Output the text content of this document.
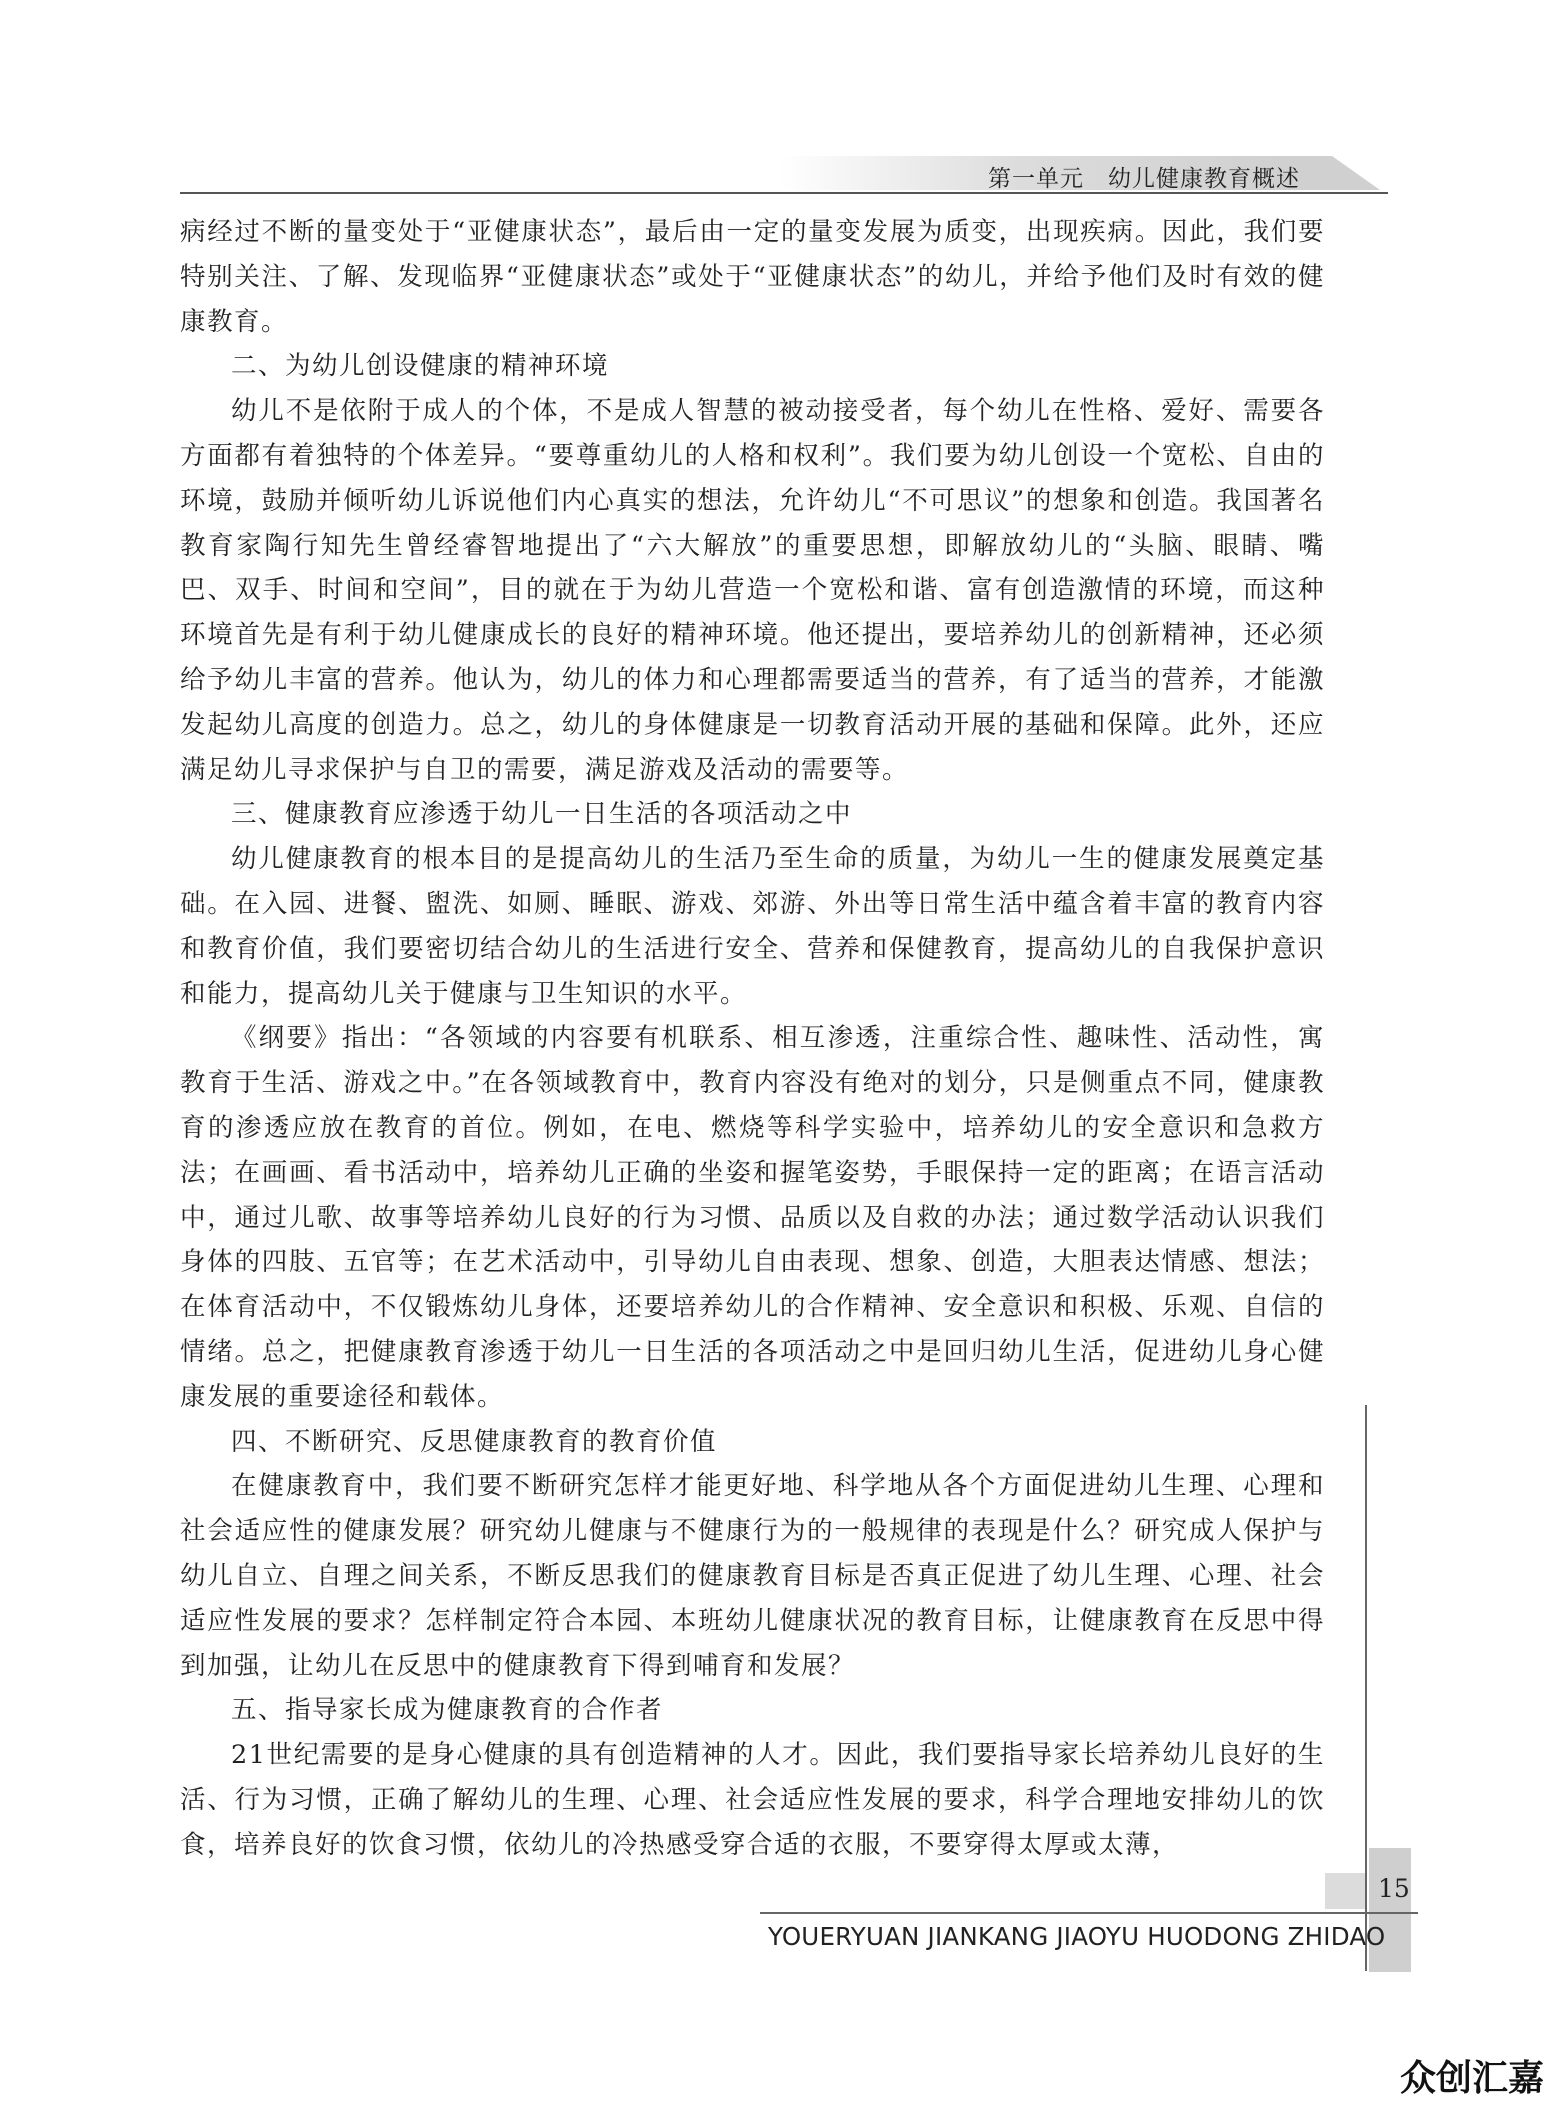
第一单元　幼儿健康教育概述

病经过不断的量变处于“亚健康状态”，最后由一定的量变发展为质变，出现疾病。因此，我们要特别关注、了解、发现临界“亚健康状态”或处于“亚健康状态”的幼儿，并给予他们及时有效的健康教育。

二、为幼儿创设健康的精神环境

幼儿不是依附于成人的个体，不是成人智慧的被动接受者，每个幼儿在性格、爱好、需要各方面都有着独特的个体差异。“要尊重幼儿的人格和权利”。我们要为幼儿创设一个宽松、自由的环境，鼓励并倾听幼儿诉说他们内心真实的想法，允许幼儿“不可思议”的想象和创造。我国著名教育家陶行知先生曾经睿智地提出了“六大解放”的重要思想，即解放幼儿的“头脑、眼睛、嘴巴、双手、时间和空间”，目的就在于为幼儿营造一个宽松和谐、富有创造激情的环境，而这种环境首先是有利于幼儿健康成长的良好的精神环境。他还提出，要培养幼儿的创新精神，还必须给予幼儿丰富的营养。他认为，幼儿的体力和心理都需要适当的营养，有了适当的营养，才能激发起幼儿高度的创造力。总之，幼儿的身体健康是一切教育活动开展的基础和保障。此外，还应满足幼儿寻求保护与自卫的需要，满足游戏及活动的需要等。

三、健康教育应渗透于幼儿一日生活的各项活动之中

幼儿健康教育的根本目的是提高幼儿的生活乃至生命的质量，为幼儿一生的健康发展奠定基础。在入园、进餐、盥洗、如厕、睡眠、游戏、郊游、外出等日常生活中蕴含着丰富的教育内容和教育价值，我们要密切结合幼儿的生活进行安全、营养和保健教育，提高幼儿的自我保护意识和能力，提高幼儿关于健康与卫生知识的水平。

《纲要》指出：“各领域的内容要有机联系、相互渗透，注重综合性、趣味性、活动性，寓教育于生活、游戏之中。”在各领域教育中，教育内容没有绝对的划分，只是侧重点不同，健康教育的渗透应放在教育的首位。例如，在电、燃烧等科学实验中，培养幼儿的安全意识和急救方法；在画画、看书活动中，培养幼儿正确的坐姿和握笔姿势，手眼保持一定的距离；在语言活动中，通过儿歌、故事等培养幼儿良好的行为习惯、品质以及自救的办法；通过数学活动认识我们身体的四肢、五官等；在艺术活动中，引导幼儿自由表现、想象、创造，大胆表达情感、想法；在体育活动中，不仅锻炼幼儿身体，还要培养幼儿的合作精神、安全意识和积极、乐观、自信的情绪。总之，把健康教育渗透于幼儿一日生活的各项活动之中是回归幼儿生活，促进幼儿身心健康发展的重要途径和载体。

四、不断研究、反思健康教育的教育价值

在健康教育中，我们要不断研究怎样才能更好地、科学地从各个方面促进幼儿生理、心理和社会适应性的健康发展？研究幼儿健康与不健康行为的一般规律的表现是什么？研究成人保护与幼儿自立、自理之间关系，不断反思我们的健康教育目标是否真正促进了幼儿生理、心理、社会适应性发展的要求？怎样制定符合本园、本班幼儿健康状况的教育目标，让健康教育在反思中得到加强，让幼儿在反思中的健康教育下得到哺育和发展？

五、指导家长成为健康教育的合作者

21世纪需要的是身心健康的具有创造精神的人才。因此，我们要指导家长培养幼儿良好的生活、行为习惯，正确了解幼儿的生理、心理、社会适应性发展的要求，科学合理地安排幼儿的饮食，培养良好的饮食习惯，依幼儿的冷热感受穿合适的衣服，不要穿得太厚或太薄，

15
YOUERYUAN JIANKANG JIAOYU HUODONG ZHIDAO
众创汇嘉
